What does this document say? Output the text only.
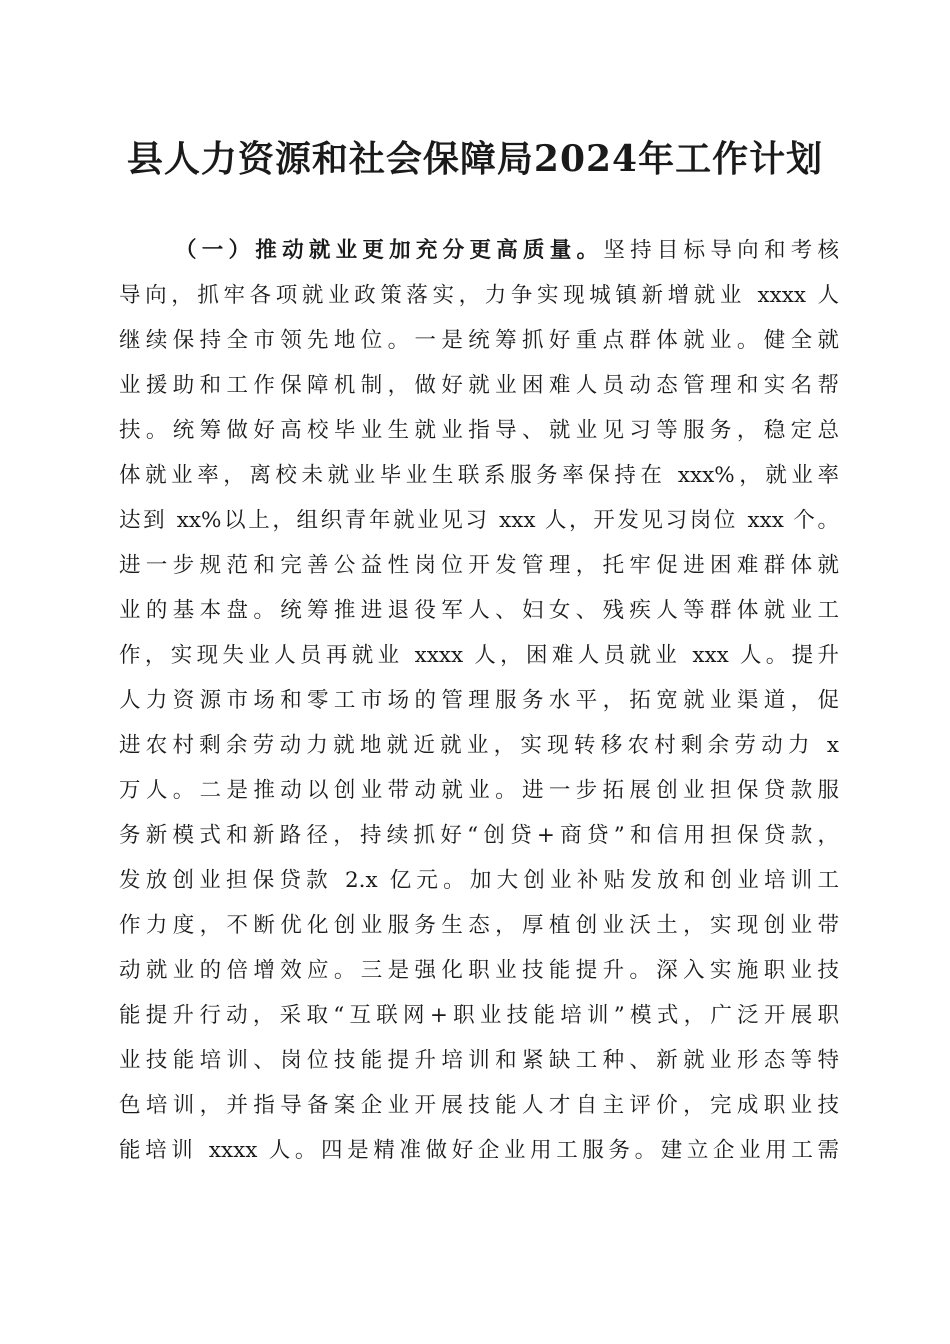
县人力资源和社会保障局2024年工作计划
（一）推动就业更加充分更高质量。坚持目标导向和考核
导向，抓牢各项就业政策落实，力争实现城镇新增就业 xxxx 人
继续保持全市领先地位。一是统筹抓好重点群体就业。健全就
业援助和工作保障机制，做好就业困难人员动态管理和实名帮
扶。统筹做好高校毕业生就业指导、就业见习等服务，稳定总
体就业率，离校未就业毕业生联系服务率保持在 xxx%，就业率
达到 xx%以上，组织青年就业见习 xxx 人，开发见习岗位 xxx 个。
进一步规范和完善公益性岗位开发管理，托牢促进困难群体就
业的基本盘。统筹推进退役军人、妇女、残疾人等群体就业工
作，实现失业人员再就业 xxxx 人，困难人员就业 xxx 人。提升
人力资源市场和零工市场的管理服务水平，拓宽就业渠道，促
进农村剩余劳动力就地就近就业，实现转移农村剩余劳动力 x
万人。二是推动以创业带动就业。进一步拓展创业担保贷款服
务新模式和新路径，持续抓好“创贷+商贷”和信用担保贷款，
发放创业担保贷款 2.x 亿元。加大创业补贴发放和创业培训工
作力度，不断优化创业服务生态，厚植创业沃土，实现创业带
动就业的倍增效应。三是强化职业技能提升。深入实施职业技
能提升行动，采取“互联网+职业技能培训”模式，广泛开展职
业技能培训、岗位技能提升培训和紧缺工种、新就业形态等特
色培训，并指导备案企业开展技能人才自主评价，完成职业技
能培训 xxxx 人。四是精准做好企业用工服务。建立企业用工需
